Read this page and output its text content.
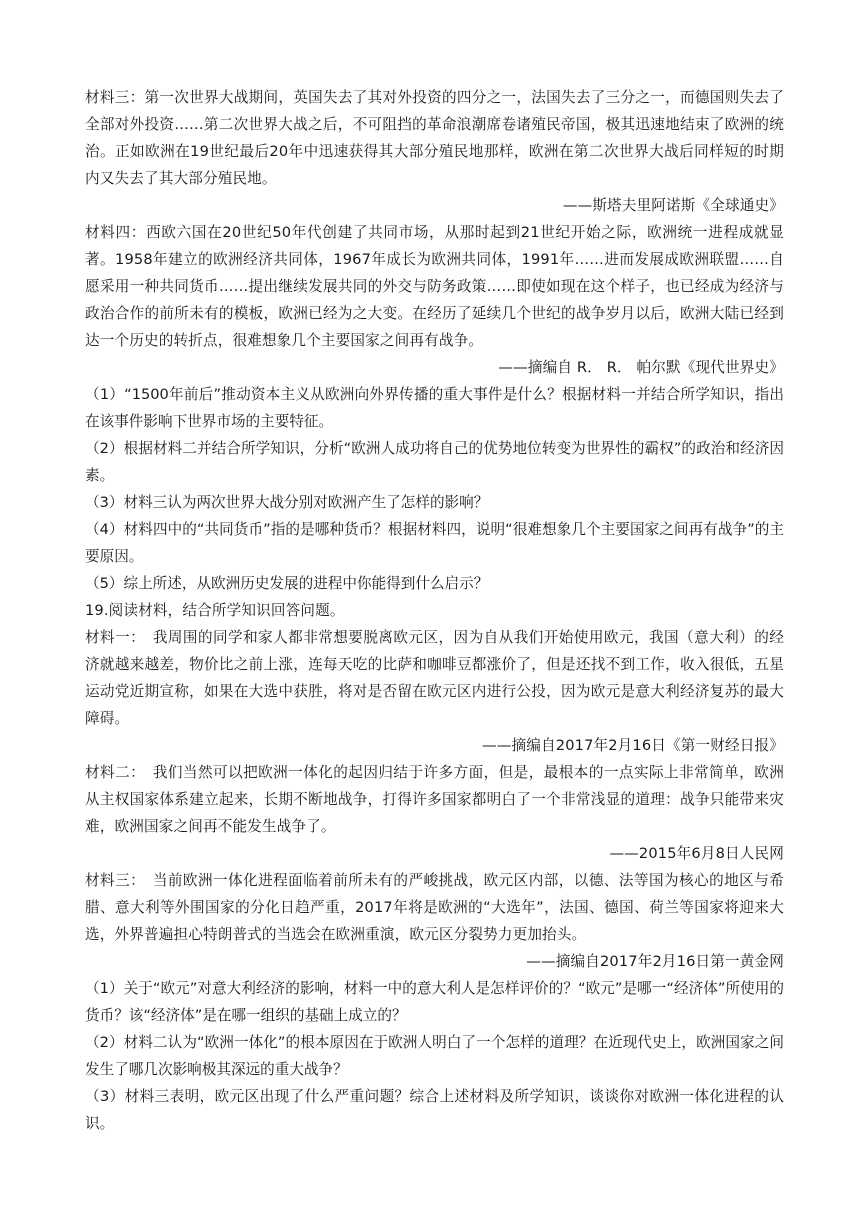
材料三：第一次世界大战期间，英国失去了其对外投资的四分之一，法国失去了三分之一，而德国则失去了全部对外投资……第二次世界大战之后，不可阻挡的革命浪潮席卷诸殖民帝国，极其迅速地结束了欧洲的统治。正如欧洲在19世纪最后20年中迅速获得其大部分殖民地那样，欧洲在第二次世界大战后同样短的时期内又失去了其大部分殖民地。

——斯塔夫里阿诺斯《全球通史》

材料四：西欧六国在20世纪50年代创建了共同市场，从那时起到21世纪开始之际，欧洲统一进程成就显著。1958年建立的欧洲经济共同体，1967年成长为欧洲共同体，1991年……进而发展成欧洲联盟……自愿采用一种共同货币……提出继续发展共同的外交与防务政策……即使如现在这个样子，也已经成为经济与政治合作的前所未有的模板，欧洲已经为之大变。在经历了延续几个世纪的战争岁月以后，欧洲大陆已经到达一个历史的转折点，很难想象几个主要国家之间再有战争。

——摘编自 R． R． 帕尔默《现代世界史》

（1）“1500年前后”推动资本主义从欧洲向外界传播的重大事件是什么？根据材料一并结合所学知识，指出在该事件影响下世界市场的主要特征。

（2）根据材料二并结合所学知识，分析“欧洲人成功将自己的优势地位转变为世界性的霸权”的政治和经济因素。

（3）材料三认为两次世界大战分别对欧洲产生了怎样的影响？

（4）材料四中的“共同货币”指的是哪种货币？根据材料四，说明“很难想象几个主要国家之间再有战争”的主要原因。

（5）综上所述，从欧洲历史发展的进程中你能得到什么启示？

19.阅读材料，结合所学知识回答问题。

材料一：　我周围的同学和家人都非常想要脱离欧元区，因为自从我们开始使用欧元，我国（意大利）的经济就越来越差，物价比之前上涨，连每天吃的比萨和咖啡豆都涨价了，但是还找不到工作，收入很低，五星运动党近期宣称，如果在大选中获胜，将对是否留在欧元区内进行公投，因为欧元是意大利经济复苏的最大障碍。

——摘编自2017年2月16日《第一财经日报》

材料二：　我们当然可以把欧洲一体化的起因归结于许多方面，但是，最根本的一点实际上非常简单，欧洲从主权国家体系建立起来，长期不断地战争，打得许多国家都明白了一个非常浅显的道理：战争只能带来灾难，欧洲国家之间再不能发生战争了。

——2015年6月8日人民网

材料三：　当前欧洲一体化进程面临着前所未有的严峻挑战，欧元区内部，以德、法等国为核心的地区与希腊、意大利等外围国家的分化日趋严重，2017年将是欧洲的“大选年”，法国、德国、荷兰等国家将迎来大选，外界普遍担心特朗普式的当选会在欧洲重演，欧元区分裂势力更加抬头。

——摘编自2017年2月16日第一黄金网

（1）关于“欧元”对意大利经济的影响，材料一中的意大利人是怎样评价的？“欧元”是哪一“经济体”所使用的货币？该“经济体”是在哪一组织的基础上成立的？

（2）材料二认为“欧洲一体化”的根本原因在于欧洲人明白了一个怎样的道理？在近现代史上，欧洲国家之间发生了哪几次影响极其深远的重大战争？

（3）材料三表明，欧元区出现了什么严重问题？综合上述材料及所学知识，谈谈你对欧洲一体化进程的认识。
